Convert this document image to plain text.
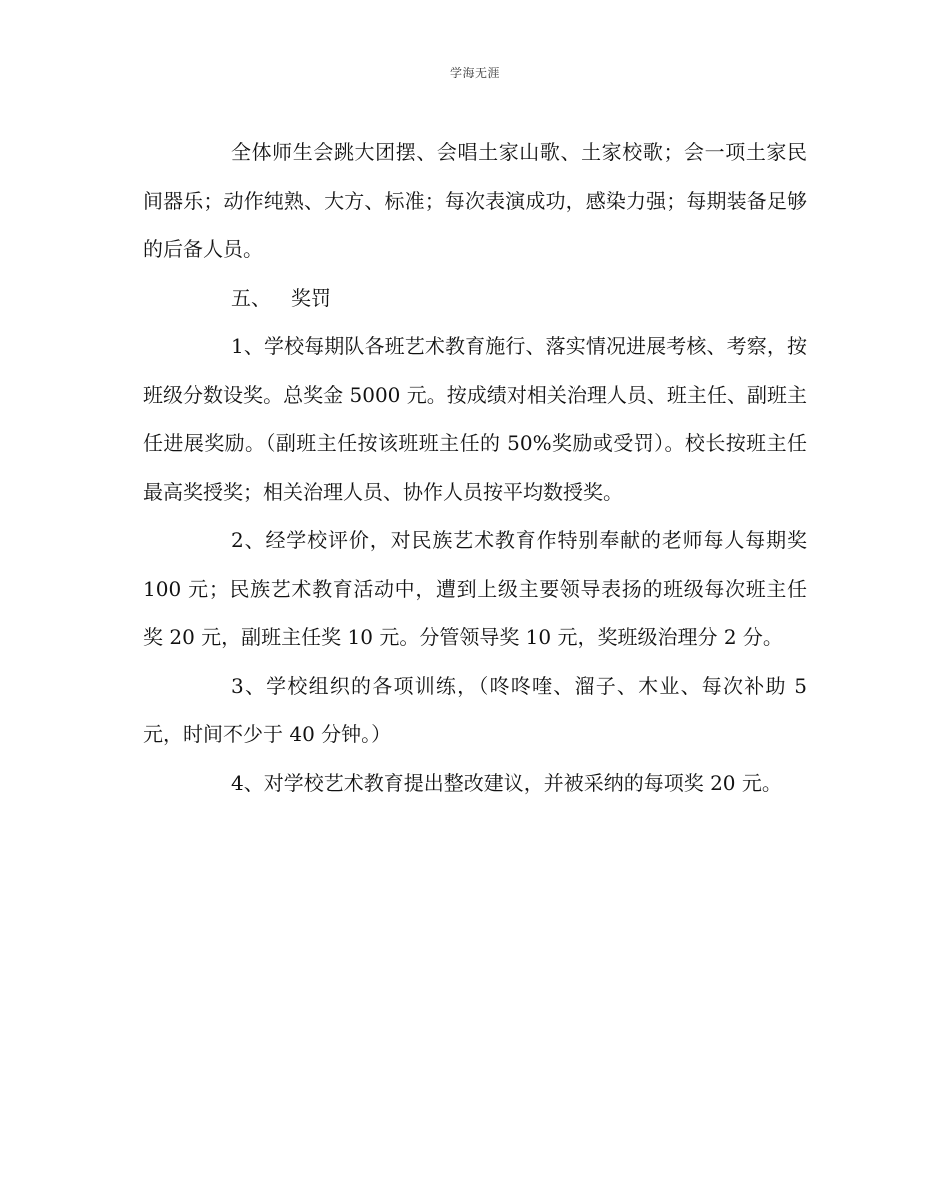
学海无涯

全体师生会跳大团摆、会唱土家山歌、土家校歌；会一项土家民间器乐；动作纯熟、大方、标准；每次表演成功，感染力强；每期装备足够的后备人员。

五、 奖罚

1、学校每期队各班艺术教育施行、落实情况进展考核、考察，按班级分数设奖。总奖金 5000 元。按成绩对相关治理人员、班主任、副班主任进展奖励。（副班主任按该班班主任的 50%奖励或受罚）。校长按班主任最高奖授奖；相关治理人员、协作人员按平均数授奖。

2、经学校评价，对民族艺术教育作特别奉献的老师每人每期奖 100 元；民族艺术教育活动中，遭到上级主要领导表扬的班级每次班主任奖 20 元，副班主任奖 10 元。分管领导奖 10 元，奖班级治理分 2 分。

3、学校组织的各项训练，（咚咚喹、溜子、木业、每次补助 5 元，时间不少于 40 分钟。）

4、对学校艺术教育提出整改建议，并被采纳的每项奖 20 元。
